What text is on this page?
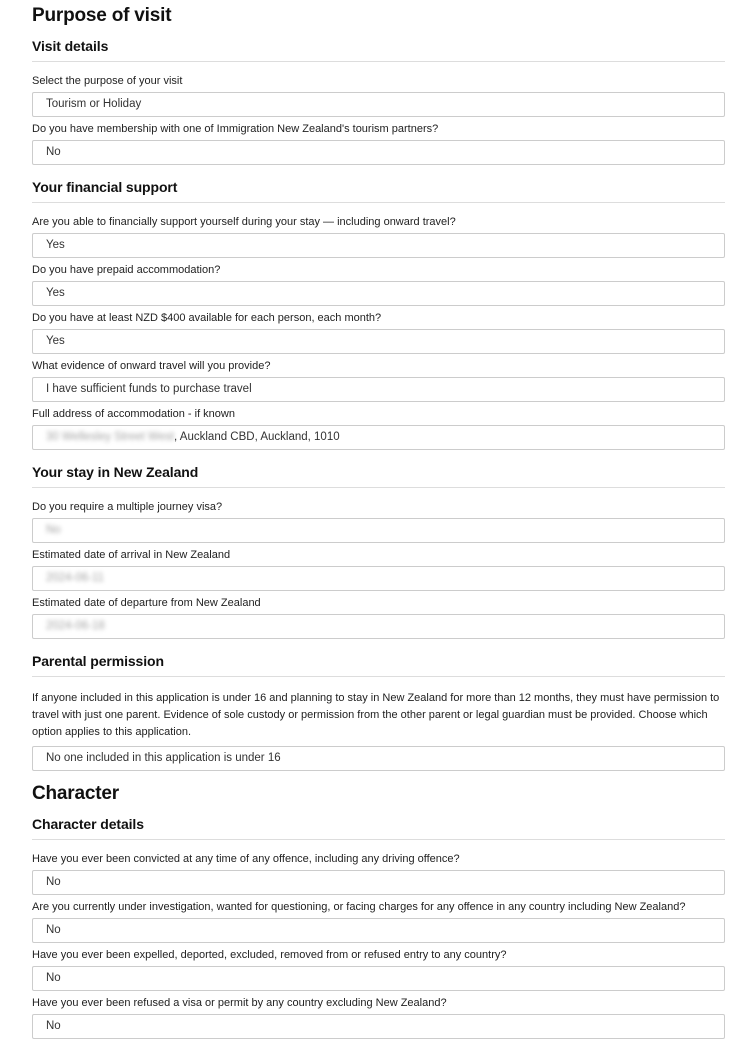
Purpose of visit
Visit details
Select the purpose of your visit
Tourism or Holiday
Do you have membership with one of Immigration New Zealand's tourism partners?
No
Your financial support
Are you able to financially support yourself during your stay — including onward travel?
Yes
Do you have prepaid accommodation?
Yes
Do you have at least NZD $400 available for each person, each month?
Yes
What evidence of onward travel will you provide?
I have sufficient funds to purchase travel
Full address of accommodation - if known
30 Wellesley Street West, Auckland CBD, Auckland, 1010
Your stay in New Zealand
Do you require a multiple journey visa?
No
Estimated date of arrival in New Zealand
2024-06-11
Estimated date of departure from New Zealand
2024-06-18
Parental permission

If anyone included in this application is under 16 and planning to stay in New Zealand for more than 12 months, they must have permission to travel with just one parent. Evidence of sole custody or permission from the other parent or legal guardian must be provided. Choose which option applies to this application.

No one included in this application is under 16
Character
Character details
Have you ever been convicted at any time of any offence, including any driving offence?
No
Are you currently under investigation, wanted for questioning, or facing charges for any offence in any country including New Zealand?
No
Have you ever been expelled, deported, excluded, removed from or refused entry to any country?
No
Have you ever been refused a visa or permit by any country excluding New Zealand?
No
